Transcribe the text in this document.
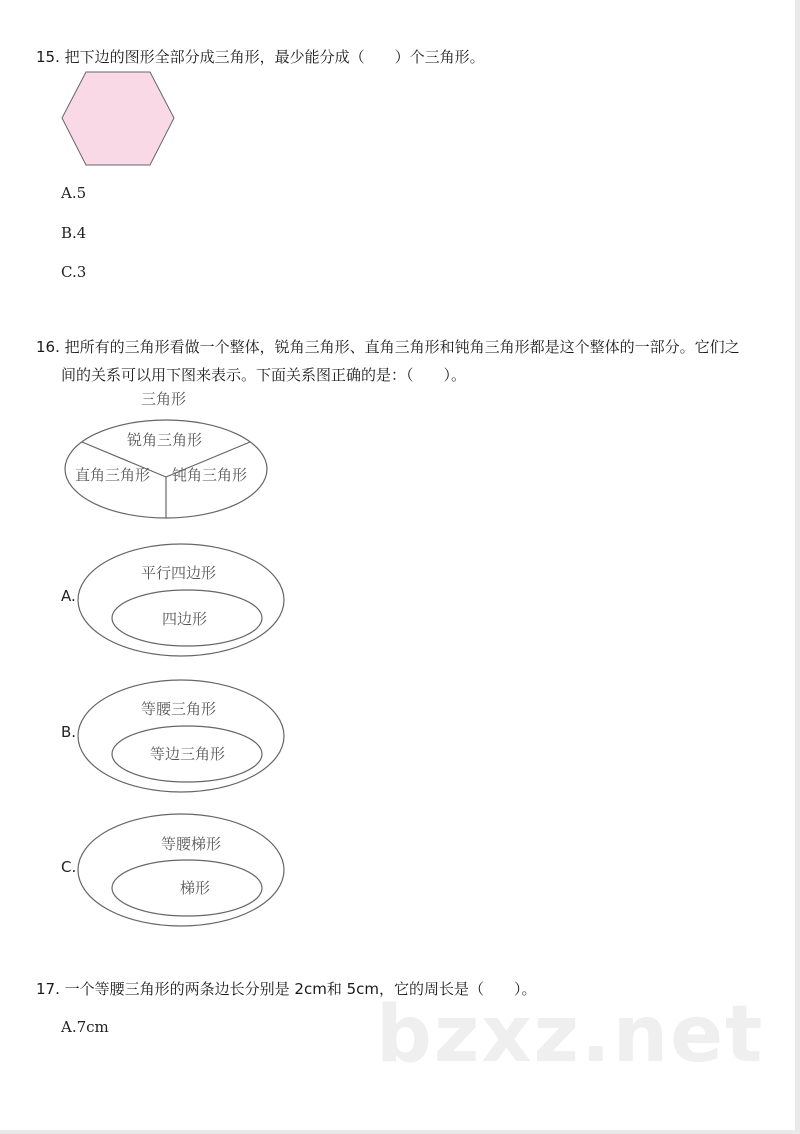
15. 把下边的图形全部分成三角形，最少能分成（　　）个三角形。
A.5
B.4
C.3
16. 把所有的三角形看做一个整体，锐角三角形、直角三角形和钝角三角形都是这个整体的一部分。它们之
间的关系可以用下图来表示。下面关系图正确的是：（　　）。
三角形
锐角三角形
直角三角形 钝角三角形
A.
平行四边形
四边形
B.
等腰三角形
等边三角形
C.
等腰梯形
梯形
bzxz.net
17. 一个等腰三角形的两条边长分别是 2cm和 5cm，它的周长是（　　）。
A.7cm
